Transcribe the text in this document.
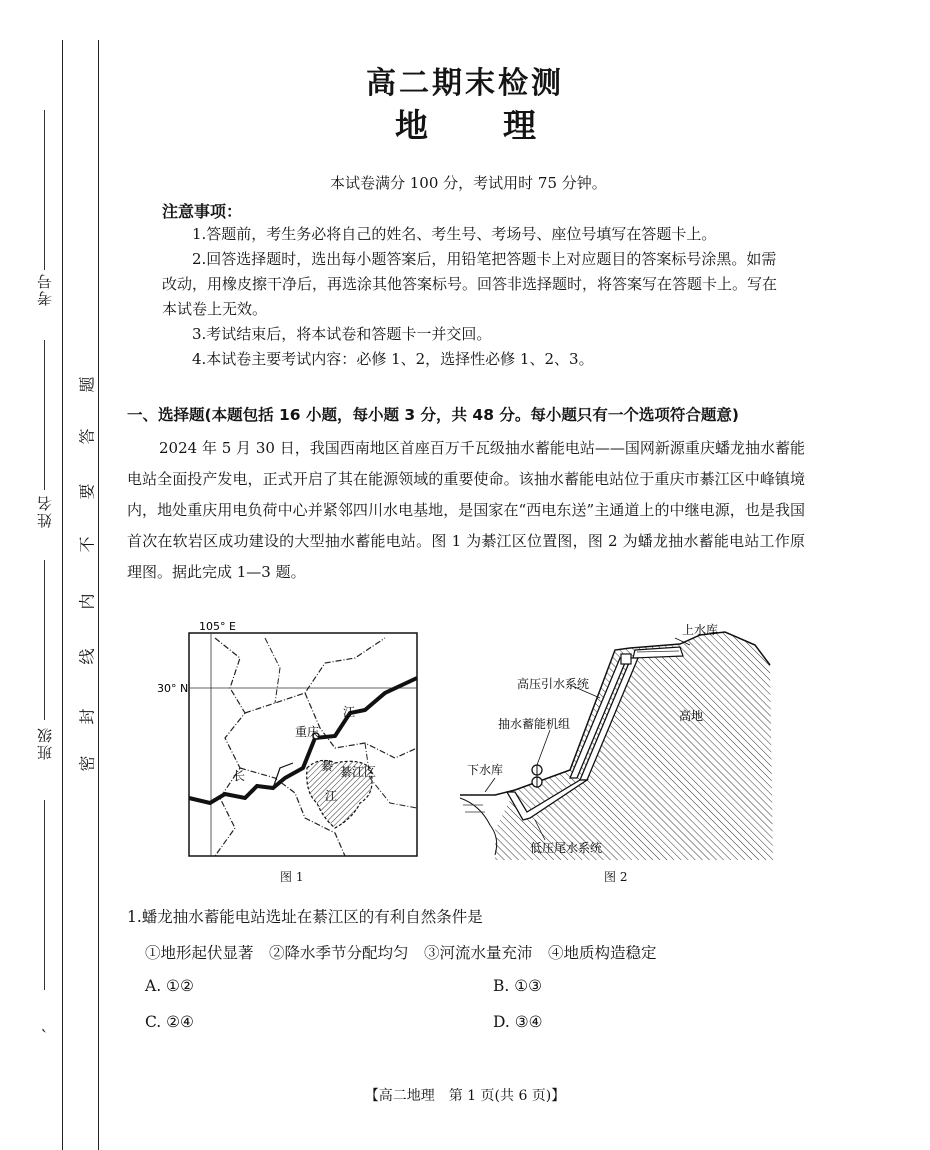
考号
姓名
班级
、
题
答
要
不
内
线
封
密
高二期末检测
地 理
本试卷满分 100 分，考试用时 75 分钟。
注意事项：
1.答题前，考生务必将自己的姓名、考生号、考场号、座位号填写在答题卡上。
2.回答选择题时，选出每小题答案后，用铅笔把答题卡上对应题目的答案标号涂黑。如需改动，用橡皮擦干净后，再选涂其他答案标号。回答非选择题时，将答案写在答题卡上。写在本试卷上无效。
3.考试结束后，将本试卷和答题卡一并交回。
4.本试卷主要考试内容：必修 1、2，选择性必修 1、2、3。
一、选择题(本题包括 16 小题，每小题 3 分，共 48 分。每小题只有一个选项符合题意)
2024 年 5 月 30 日，我国西南地区首座百万千瓦级抽水蓄能电站——国网新源重庆蟠龙抽水蓄能电站全面投产发电，正式开启了其在能源领域的重要使命。该抽水蓄能电站位于重庆市綦江区中峰镇境内，地处重庆用电负荷中心并紧邻四川水电基地，是国家在“西电东送”主通道上的中继电源，也是我国首次在软岩区成功建设的大型抽水蓄能电站。图 1 为綦江区位置图，图 2 为蟠龙抽水蓄能电站工作原理图。据此完成 1—3 题。
105° E
30° N
重庆
綦江区
江
长
綦
江
图 1
上水库
高压引水系统
抽水蓄能机组
高地
下水库
低压尾水系统
图 2
1.蟠龙抽水蓄能电站选址在綦江区的有利自然条件是
①地形起伏显著　②降水季节分配均匀　③河流水量充沛　④地质构造稳定
A. ①②	B. ①③
C. ②④	D. ③④
【高二地理　第 1 页(共 6 页)】
